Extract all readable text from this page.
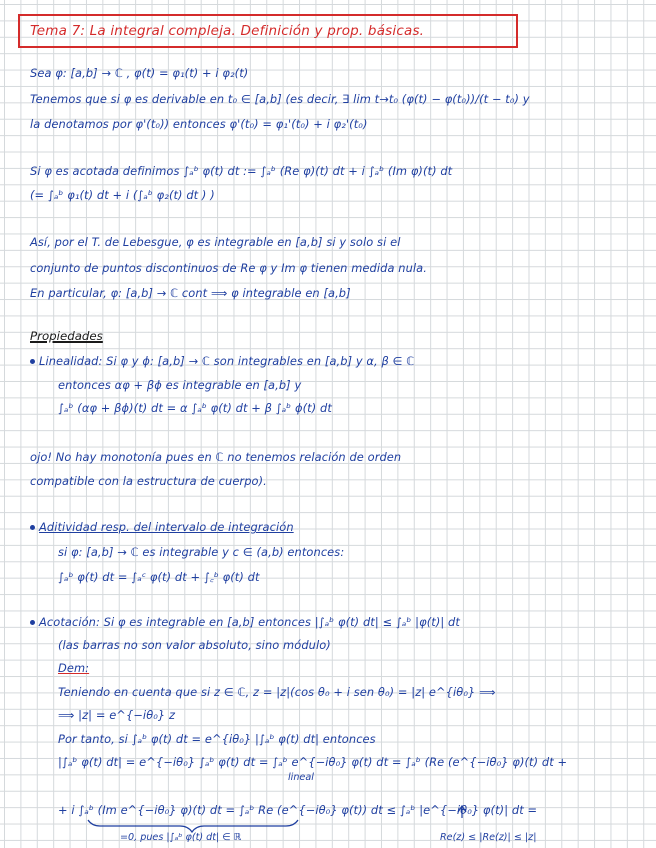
Tema 7: La integral compleja. Definición y prop. básicas.
Sea φ: [a,b] → ℂ , φ(t) = φ₁(t) + i φ₂(t)
Tenemos que si φ es derivable en t₀ ∈ [a,b] (es decir, ∃ lim t→t₀ (φ(t) − φ(t₀))/(t − t₀) y
la denotamos por φ'(t₀)) entonces φ'(t₀) = φ₁'(t₀) + i φ₂'(t₀)
Si φ es acotada definimos ∫ₐᵇ φ(t) dt := ∫ₐᵇ (Re φ)(t) dt + i ∫ₐᵇ (Im φ)(t) dt
(= ∫ₐᵇ φ₁(t) dt + i (∫ₐᵇ φ₂(t) dt ) )
Así, por el T. de Lebesgue, φ es integrable en [a,b] si y solo si el
conjunto de puntos discontinuos de Re φ y Im φ tienen medida nula.
En particular, φ: [a,b] → ℂ cont ⟹ φ integrable en [a,b]
Propiedades
Linealidad: Si φ y ϕ: [a,b] → ℂ son integrables en [a,b] y α, β ∈ ℂ
entonces αφ + βϕ es integrable en [a,b] y
∫ₐᵇ (αφ + βϕ)(t) dt = α ∫ₐᵇ φ(t) dt + β ∫ₐᵇ ϕ(t) dt
ojo! No hay monotonía pues en ℂ no tenemos relación de orden
compatible con la estructura de cuerpo).
Aditividad resp. del intervalo de integración
si φ: [a,b] → ℂ es integrable y c ∈ (a,b) entonces:
∫ₐᵇ φ(t) dt = ∫ₐᶜ φ(t) dt + ∫꜀ᵇ φ(t) dt
Acotación: Si φ es integrable en [a,b] entonces |∫ₐᵇ φ(t) dt| ≤ ∫ₐᵇ |φ(t)| dt
(las barras no son valor absoluto, sino módulo)
Dem:
Teniendo en cuenta que si z ∈ ℂ, z = |z|(cos θ₀ + i sen θ₀) = |z| e^{iθ₀} ⟹
⟹ |z| = e^{−iθ₀} z
Por tanto, si ∫ₐᵇ φ(t) dt = e^{iθ₀} |∫ₐᵇ φ(t) dt| entonces
|∫ₐᵇ φ(t) dt| = e^{−iθ₀} ∫ₐᵇ φ(t) dt = ∫ₐᵇ e^{−iθ₀} φ(t) dt = ∫ₐᵇ (Re (e^{−iθ₀} φ)(t) dt +
lineal
+ i ∫ₐᵇ (Im e^{−iθ₀} φ)(t) dt = ∫ₐᵇ Re (e^{−iθ₀} φ(t)) dt ≤ ∫ₐᵇ |e^{−iθ₀} φ(t)| dt =
=0, pues |∫ₐᵇ φ(t) dt| ∈ ℝ	Re(z) ≤ |Re(z)| ≤ |z|
